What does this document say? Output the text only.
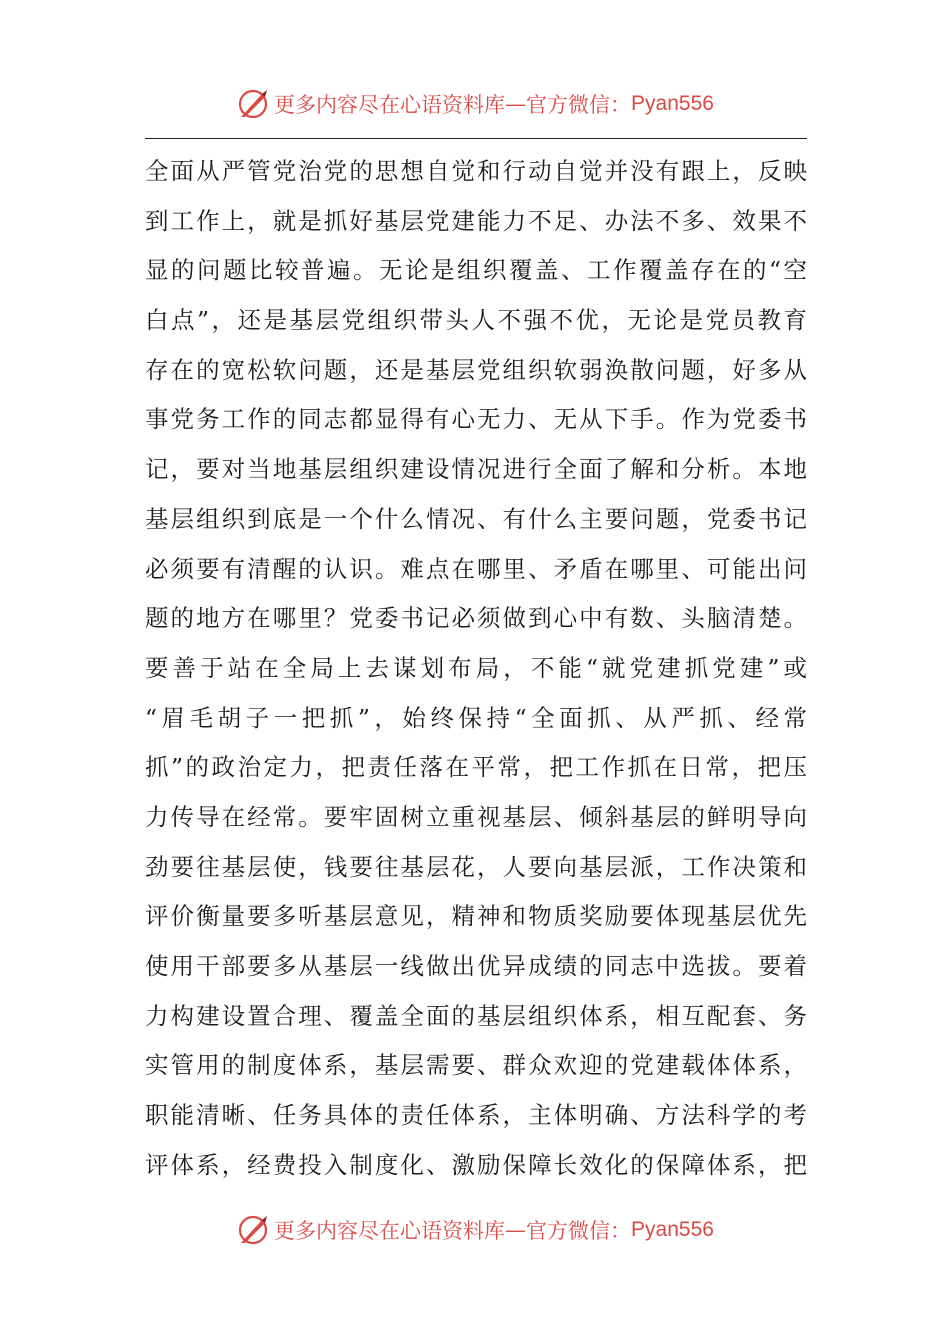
更多内容尽在心语资料库 — 官方微信： Pyan556
全面从严管党治党的思想自觉和行动自觉并没有跟上，反映
到工作上，就是抓好基层党建能力不足、办法不多、效果不
显的问题比较普遍。无论是组织覆盖、工作覆盖存在的“空
白点”，还是基层党组织带头人不强不优，无论是党员教育
存在的宽松软问题，还是基层党组织软弱涣散问题，好多从
事党务工作的同志都显得有心无力、无从下手。作为党委书
记，要对当地基层组织建设情况进行全面了解和分析。本地
基层组织到底是一个什么情况、有什么主要问题，党委书记
必须要有清醒的认识。难点在哪里、矛盾在哪里、可能出问
题的地方在哪里？党委书记必须做到心中有数、头脑清楚。
要善于站在全局上去谋划布局，不能“就党建抓党建”或
“眉毛胡子一把抓”，始终保持“全面抓、从严抓、经常
抓”的政治定力，把责任落在平常，把工作抓在日常，把压
力传导在经常。要牢固树立重视基层、倾斜基层的鲜明导向
劲要往基层使，钱要往基层花，人要向基层派，工作决策和
评价衡量要多听基层意见，精神和物质奖励要体现基层优先
使用干部要多从基层一线做出优异成绩的同志中选拔。要着
力构建设置合理、覆盖全面的基层组织体系，相互配套、务
实管用的制度体系，基层需要、群众欢迎的党建载体体系，
职能清晰、任务具体的责任体系，主体明确、方法科学的考
评体系，经费投入制度化、激励保障长效化的保障体系，把
更多内容尽在心语资料库 — 官方微信： Pyan556
